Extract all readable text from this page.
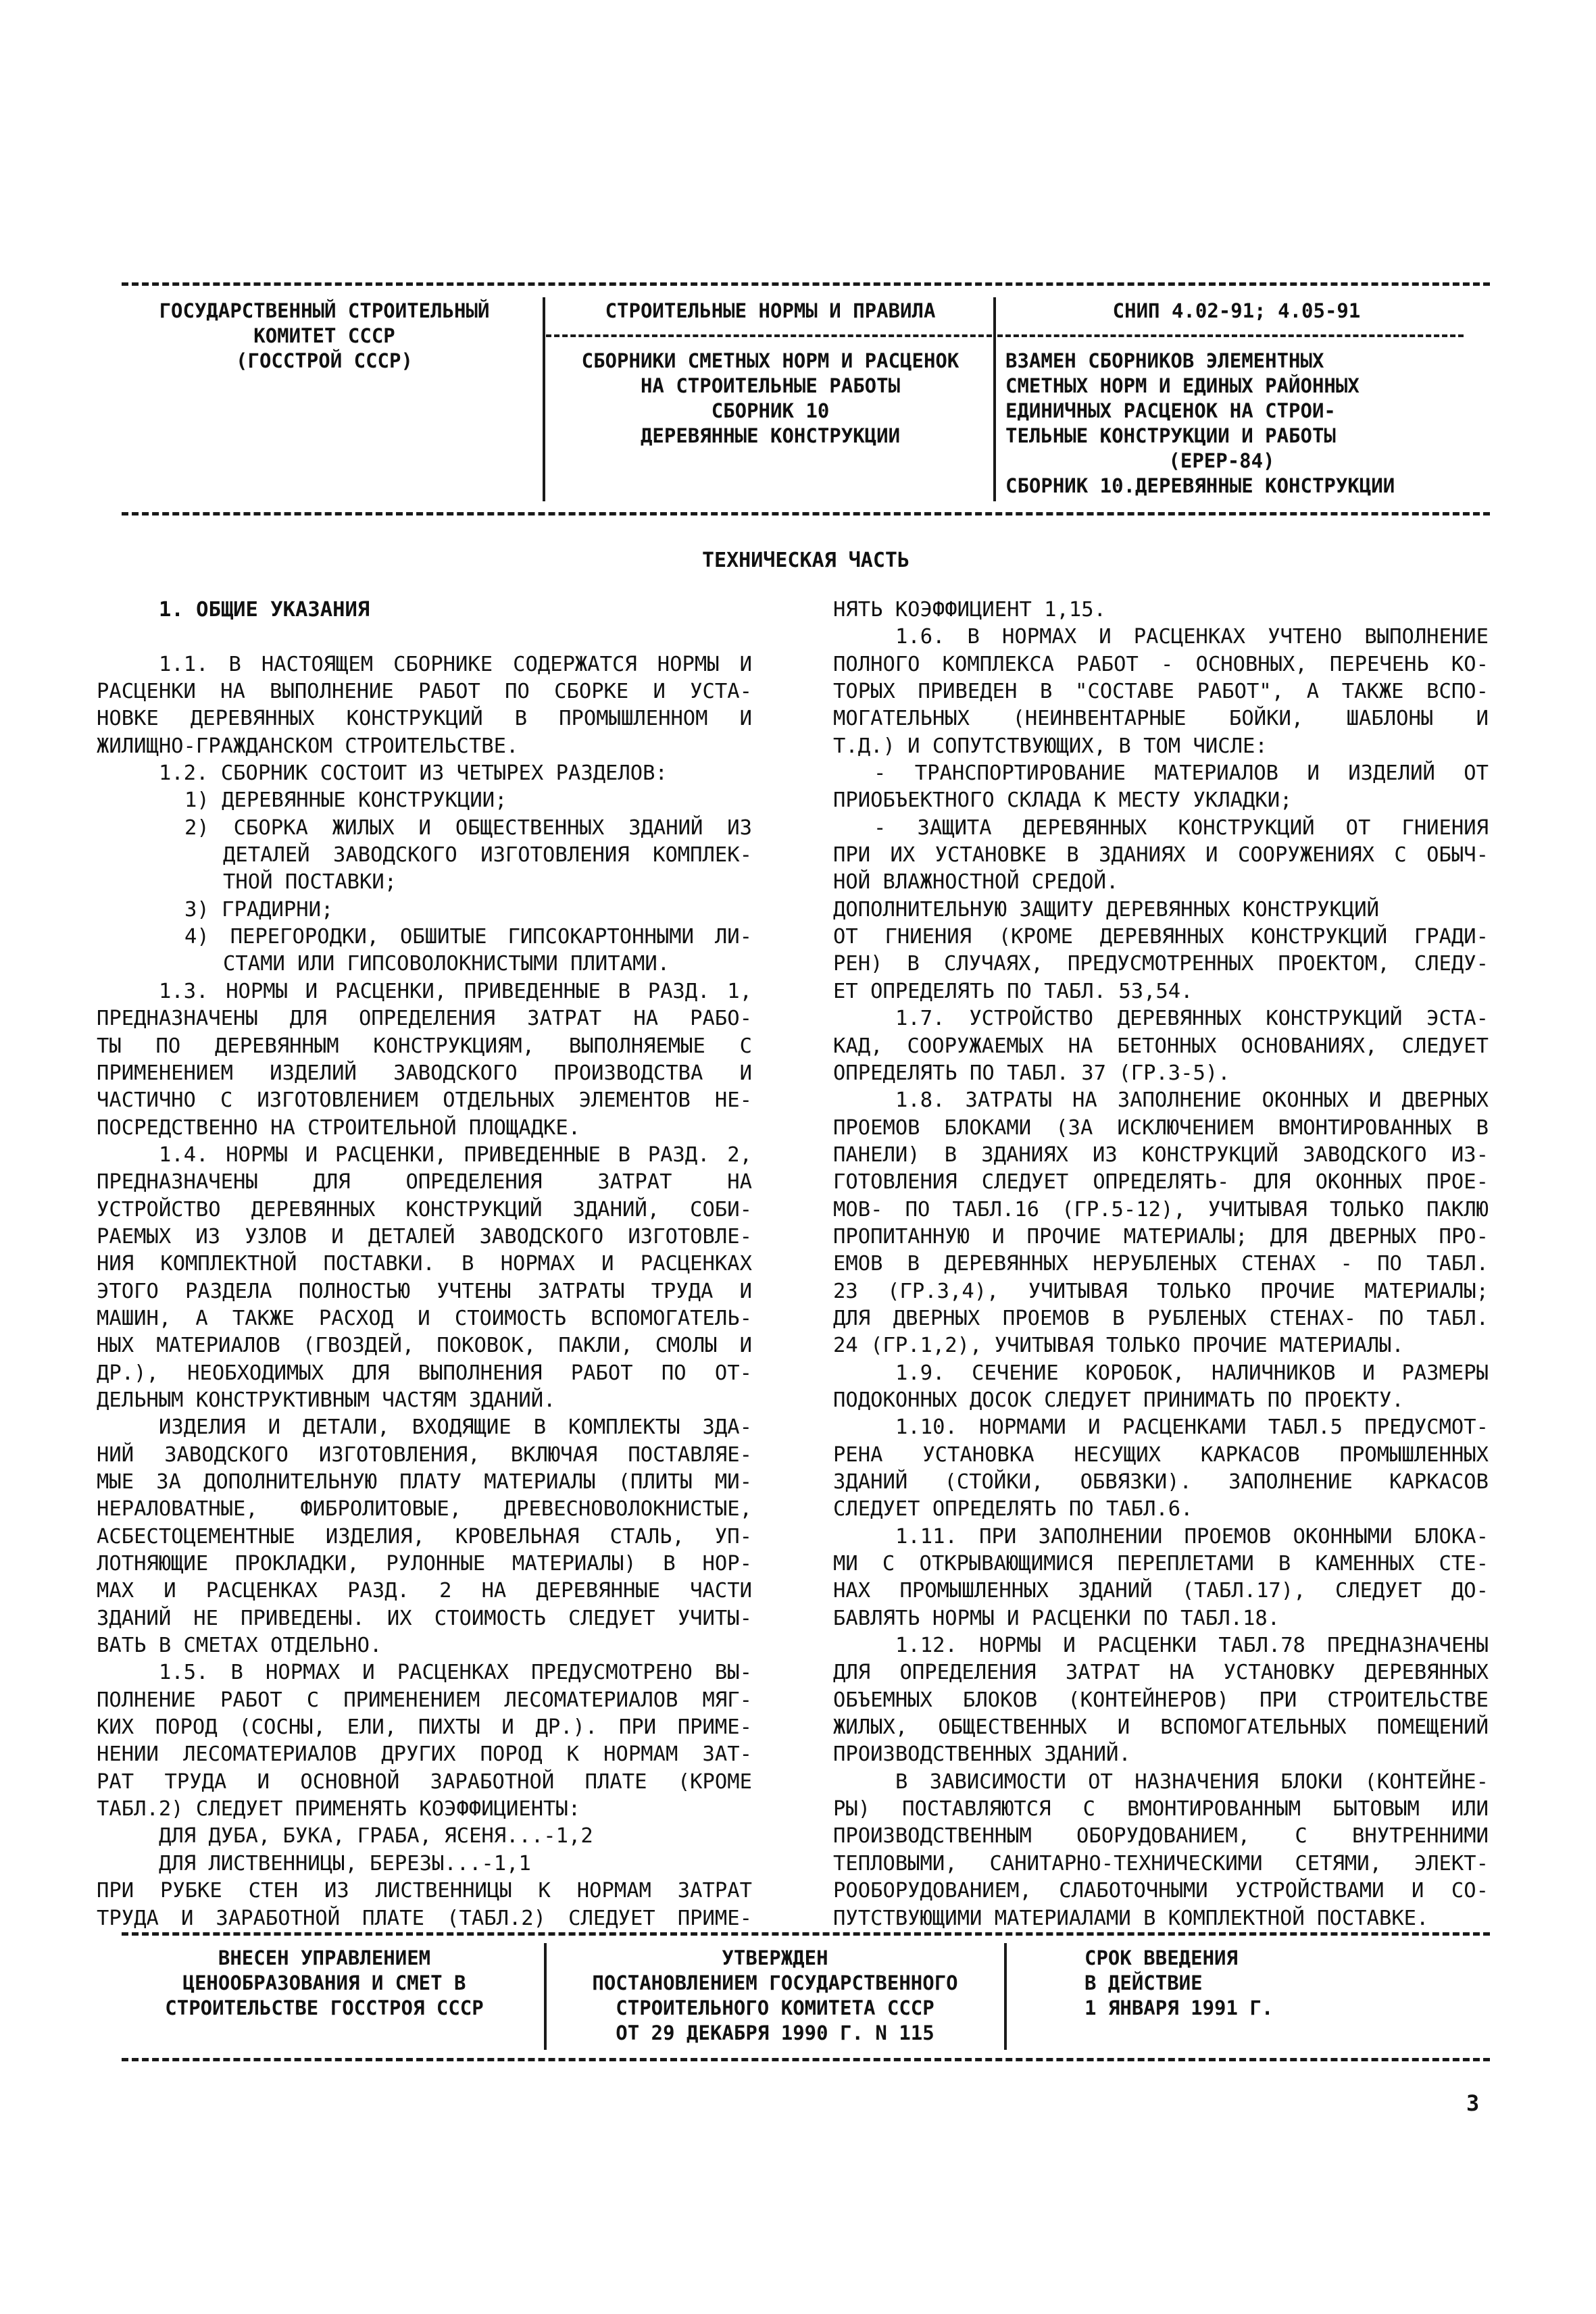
ГОСУДАРСТВЕННЫЙ СТРОИТЕЛЬНЫЙ
КОМИТЕТ СССР
(ГОССТРОЙ СССР)
СТРОИТЕЛЬНЫЕ НОРМЫ И ПРАВИЛА
СБОРНИКИ СМЕТНЫХ НОРМ И РАСЦЕНОК
НА СТРОИТЕЛЬНЫЕ РАБОТЫ
СБОРНИК 10
ДЕРЕВЯННЫЕ КОНСТРУКЦИИ
СНИП 4.02-91; 4.05-91
ВЗАМЕН СБОРНИКОВ ЭЛЕМЕНТНЫХ
СМЕТНЫХ НОРМ И ЕДИНЫХ РАЙОННЫХ
ЕДИНИЧНЫХ РАСЦЕНОК НА СТРОИ-
ТЕЛЬНЫЕ КОНСТРУКЦИИ И РАБОТЫ
(ЕРЕР-84)
СБОРНИК 10.ДЕРЕВЯННЫЕ КОНСТРУКЦИИ
ТЕХНИЧЕСКАЯ ЧАСТЬ
1. ОБЩИЕ УКАЗАНИЯ
1.1. В НАСТОЯЩЕМ СБОРНИКЕ СОДЕРЖАТСЯ НОРМЫ И
РАСЦЕНКИ НА ВЫПОЛНЕНИЕ РАБОТ ПО СБОРКЕ И УСТА-
НОВКЕ ДЕРЕВЯННЫХ КОНСТРУКЦИЙ В ПРОМЫШЛЕННОМ И
ЖИЛИЩНО-ГРАЖДАНСКОМ СТРОИТЕЛЬСТВЕ.
1.2. СБОРНИК СОСТОИТ ИЗ ЧЕТЫРЕХ РАЗДЕЛОВ:
1) ДЕРЕВЯННЫЕ КОНСТРУКЦИИ;
2) СБОРКА ЖИЛЫХ И ОБЩЕСТВЕННЫХ ЗДАНИЙ ИЗ
ДЕТАЛЕЙ ЗАВОДСКОГО ИЗГОТОВЛЕНИЯ КОМПЛЕК-
ТНОЙ ПОСТАВКИ;
3) ГРАДИРНИ;
4) ПЕРЕГОРОДКИ, ОБШИТЫЕ ГИПСОКАРТОННЫМИ ЛИ-
СТАМИ ИЛИ ГИПСОВОЛОКНИСТЫМИ ПЛИТАМИ.
1.3. НОРМЫ И РАСЦЕНКИ, ПРИВЕДЕННЫЕ В РАЗД. 1,
ПРЕДНАЗНАЧЕНЫ ДЛЯ ОПРЕДЕЛЕНИЯ ЗАТРАТ НА РАБО-
ТЫ ПО ДЕРЕВЯННЫМ КОНСТРУКЦИЯМ, ВЫПОЛНЯЕМЫЕ С
ПРИМЕНЕНИЕМ ИЗДЕЛИЙ ЗАВОДСКОГО ПРОИЗВОДСТВА И
ЧАСТИЧНО С ИЗГОТОВЛЕНИЕМ ОТДЕЛЬНЫХ ЭЛЕМЕНТОВ НЕ-
ПОСРЕДСТВЕННО НА СТРОИТЕЛЬНОЙ ПЛОЩАДКЕ.
1.4. НОРМЫ И РАСЦЕНКИ, ПРИВЕДЕННЫЕ В РАЗД. 2,
ПРЕДНАЗНАЧЕНЫ ДЛЯ ОПРЕДЕЛЕНИЯ ЗАТРАТ НА
УСТРОЙСТВО ДЕРЕВЯННЫХ КОНСТРУКЦИЙ ЗДАНИЙ, СОБИ-
РАЕМЫХ ИЗ УЗЛОВ И ДЕТАЛЕЙ ЗАВОДСКОГО ИЗГОТОВЛЕ-
НИЯ КОМПЛЕКТНОЙ ПОСТАВКИ. В НОРМАХ И РАСЦЕНКАХ
ЭТОГО РАЗДЕЛА ПОЛНОСТЬЮ УЧТЕНЫ ЗАТРАТЫ ТРУДА И
МАШИН, А ТАКЖЕ РАСХОД И СТОИМОСТЬ ВСПОМОГАТЕЛЬ-
НЫХ МАТЕРИАЛОВ (ГВОЗДЕЙ, ПОКОВОК, ПАКЛИ, СМОЛЫ И
ДР.), НЕОБХОДИМЫХ ДЛЯ ВЫПОЛНЕНИЯ РАБОТ ПО ОТ-
ДЕЛЬНЫМ КОНСТРУКТИВНЫМ ЧАСТЯМ ЗДАНИЙ.
ИЗДЕЛИЯ И ДЕТАЛИ, ВХОДЯЩИЕ В КОМПЛЕКТЫ ЗДА-
НИЙ ЗАВОДСКОГО ИЗГОТОВЛЕНИЯ, ВКЛЮЧАЯ ПОСТАВЛЯЕ-
МЫЕ ЗА ДОПОЛНИТЕЛЬНУЮ ПЛАТУ МАТЕРИАЛЫ (ПЛИТЫ МИ-
НЕРАЛОВАТНЫЕ, ФИБРОЛИТОВЫЕ, ДРЕВЕСНОВОЛОКНИСТЫЕ,
АСБЕСТОЦЕМЕНТНЫЕ ИЗДЕЛИЯ, КРОВЕЛЬНАЯ СТАЛЬ, УП-
ЛОТНЯЮЩИЕ ПРОКЛАДКИ, РУЛОННЫЕ МАТЕРИАЛЫ) В НОР-
МАХ И РАСЦЕНКАХ РАЗД. 2 НА ДЕРЕВЯННЫЕ ЧАСТИ
ЗДАНИЙ НЕ ПРИВЕДЕНЫ. ИХ СТОИМОСТЬ СЛЕДУЕТ УЧИТЫ-
ВАТЬ В СМЕТАХ ОТДЕЛЬНО.
1.5. В НОРМАХ И РАСЦЕНКАХ ПРЕДУСМОТРЕНО ВЫ-
ПОЛНЕНИЕ РАБОТ С ПРИМЕНЕНИЕМ ЛЕСОМАТЕРИАЛОВ МЯГ-
КИХ ПОРОД (СОСНЫ, ЕЛИ, ПИХТЫ И ДР.). ПРИ ПРИМЕ-
НЕНИИ ЛЕСОМАТЕРИАЛОВ ДРУГИХ ПОРОД К НОРМАМ ЗАТ-
РАТ ТРУДА И ОСНОВНОЙ ЗАРАБОТНОЙ ПЛАТЕ (КРОМЕ
ТАБЛ.2) СЛЕДУЕТ ПРИМЕНЯТЬ КОЭФФИЦИЕНТЫ:
ДЛЯ ДУБА, БУКА, ГРАБА, ЯСЕНЯ...-1,2
ДЛЯ ЛИСТВЕННИЦЫ, БЕРЕЗЫ...-1,1
ПРИ РУБКЕ СТЕН ИЗ ЛИСТВЕННИЦЫ К НОРМАМ ЗАТРАТ
ТРУДА И ЗАРАБОТНОЙ ПЛАТЕ (ТАБЛ.2) СЛЕДУЕТ ПРИМЕ-
НЯТЬ КОЭФФИЦИЕНТ 1,15.
1.6. В НОРМАХ И РАСЦЕНКАХ УЧТЕНО ВЫПОЛНЕНИЕ
ПОЛНОГО КОМПЛЕКСА РАБОТ - ОСНОВНЫХ, ПЕРЕЧЕНЬ КО-
ТОРЫХ ПРИВЕДЕН В "СОСТАВЕ РАБОТ", А ТАКЖЕ ВСПО-
МОГАТЕЛЬНЫХ (НЕИНВЕНТАРНЫЕ БОЙКИ, ШАБЛОНЫ И
Т.Д.) И СОПУТСТВУЮЩИХ, В ТОМ ЧИСЛЕ:
- ТРАНСПОРТИРОВАНИЕ МАТЕРИАЛОВ И ИЗДЕЛИЙ ОТ
ПРИОБЪЕКТНОГО СКЛАДА К МЕСТУ УКЛАДКИ;
- ЗАЩИТА ДЕРЕВЯННЫХ КОНСТРУКЦИЙ ОТ ГНИЕНИЯ
ПРИ ИХ УСТАНОВКЕ В ЗДАНИЯХ И СООРУЖЕНИЯХ С ОБЫЧ-
НОЙ ВЛАЖНОСТНОЙ СРЕДОЙ.
ДОПОЛНИТЕЛЬНУЮ ЗАЩИТУ ДЕРЕВЯННЫХ КОНСТРУКЦИЙ
ОТ ГНИЕНИЯ (КРОМЕ ДЕРЕВЯННЫХ КОНСТРУКЦИЙ ГРАДИ-
РЕН) В СЛУЧАЯХ, ПРЕДУСМОТРЕННЫХ ПРОЕКТОМ, СЛЕДУ-
ЕТ ОПРЕДЕЛЯТЬ ПО ТАБЛ. 53,54.
1.7. УСТРОЙСТВО ДЕРЕВЯННЫХ КОНСТРУКЦИЙ ЭСТА-
КАД, СООРУЖАЕМЫХ НА БЕТОННЫХ ОСНОВАНИЯХ, СЛЕДУЕТ
ОПРЕДЕЛЯТЬ ПО ТАБЛ. 37 (ГР.3-5).
1.8. ЗАТРАТЫ НА ЗАПОЛНЕНИЕ ОКОННЫХ И ДВЕРНЫХ
ПРОЕМОВ БЛОКАМИ (ЗА ИСКЛЮЧЕНИЕМ ВМОНТИРОВАННЫХ В
ПАНЕЛИ) В ЗДАНИЯХ ИЗ КОНСТРУКЦИЙ ЗАВОДСКОГО ИЗ-
ГОТОВЛЕНИЯ СЛЕДУЕТ ОПРЕДЕЛЯТЬ- ДЛЯ ОКОННЫХ ПРОЕ-
МОВ- ПО ТАБЛ.16 (ГР.5-12), УЧИТЫВАЯ ТОЛЬКО ПАКЛЮ
ПРОПИТАННУЮ И ПРОЧИЕ МАТЕРИАЛЫ; ДЛЯ ДВЕРНЫХ ПРО-
ЕМОВ В ДЕРЕВЯННЫХ НЕРУБЛЕНЫХ СТЕНАХ - ПО ТАБЛ.
23 (ГР.3,4), УЧИТЫВАЯ ТОЛЬКО ПРОЧИЕ МАТЕРИАЛЫ;
ДЛЯ ДВЕРНЫХ ПРОЕМОВ В РУБЛЕНЫХ СТЕНАХ- ПО ТАБЛ.
24 (ГР.1,2), УЧИТЫВАЯ ТОЛЬКО ПРОЧИЕ МАТЕРИАЛЫ.
1.9. СЕЧЕНИЕ КОРОБОК, НАЛИЧНИКОВ И РАЗМЕРЫ
ПОДОКОННЫХ ДОСОК СЛЕДУЕТ ПРИНИМАТЬ ПО ПРОЕКТУ.
1.10. НОРМАМИ И РАСЦЕНКАМИ ТАБЛ.5 ПРЕДУСМОТ-
РЕНА УСТАНОВКА НЕСУЩИХ КАРКАСОВ ПРОМЫШЛЕННЫХ
ЗДАНИЙ (СТОЙКИ, ОБВЯЗКИ). ЗАПОЛНЕНИЕ КАРКАСОВ
СЛЕДУЕТ ОПРЕДЕЛЯТЬ ПО ТАБЛ.6.
1.11. ПРИ ЗАПОЛНЕНИИ ПРОЕМОВ ОКОННЫМИ БЛОКА-
МИ С ОТКРЫВАЮЩИМИСЯ ПЕРЕПЛЕТАМИ В КАМЕННЫХ СТЕ-
НАХ ПРОМЫШЛЕННЫХ ЗДАНИЙ (ТАБЛ.17), СЛЕДУЕТ ДО-
БАВЛЯТЬ НОРМЫ И РАСЦЕНКИ ПО ТАБЛ.18.
1.12. НОРМЫ И РАСЦЕНКИ ТАБЛ.78 ПРЕДНАЗНАЧЕНЫ
ДЛЯ ОПРЕДЕЛЕНИЯ ЗАТРАТ НА УСТАНОВКУ ДЕРЕВЯННЫХ
ОБЪЕМНЫХ БЛОКОВ (КОНТЕЙНЕРОВ) ПРИ СТРОИТЕЛЬСТВЕ
ЖИЛЫХ, ОБЩЕСТВЕННЫХ И ВСПОМОГАТЕЛЬНЫХ ПОМЕЩЕНИЙ
ПРОИЗВОДСТВЕННЫХ ЗДАНИЙ.
В ЗАВИСИМОСТИ ОТ НАЗНАЧЕНИЯ БЛОКИ (КОНТЕЙНЕ-
РЫ) ПОСТАВЛЯЮТСЯ С ВМОНТИРОВАННЫМ БЫТОВЫМ ИЛИ
ПРОИЗВОДСТВЕННЫМ ОБОРУДОВАНИЕМ, С ВНУТРЕННИМИ
ТЕПЛОВЫМИ, САНИТАРНО-ТЕХНИЧЕСКИМИ СЕТЯМИ, ЭЛЕКТ-
РООБОРУДОВАНИЕМ, СЛАБОТОЧНЫМИ УСТРОЙСТВАМИ И СО-
ПУТСТВУЮЩИМИ МАТЕРИАЛАМИ В КОМПЛЕКТНОЙ ПОСТАВКЕ.
ВНЕСЕН УПРАВЛЕНИЕМ
ЦЕНООБРАЗОВАНИЯ И СМЕТ В
СТРОИТЕЛЬСТВЕ ГОССТРОЯ СССР
УТВЕРЖДЕН
ПОСТАНОВЛЕНИЕМ ГОСУДАРСТВЕННОГО
СТРОИТЕЛЬНОГО КОМИТЕТА СССР
ОТ 29 ДЕКАБРЯ 1990 Г. N 115
СРОК ВВЕДЕНИЯ
В ДЕЙСТВИЕ
1 ЯНВАРЯ 1991 Г.
3
